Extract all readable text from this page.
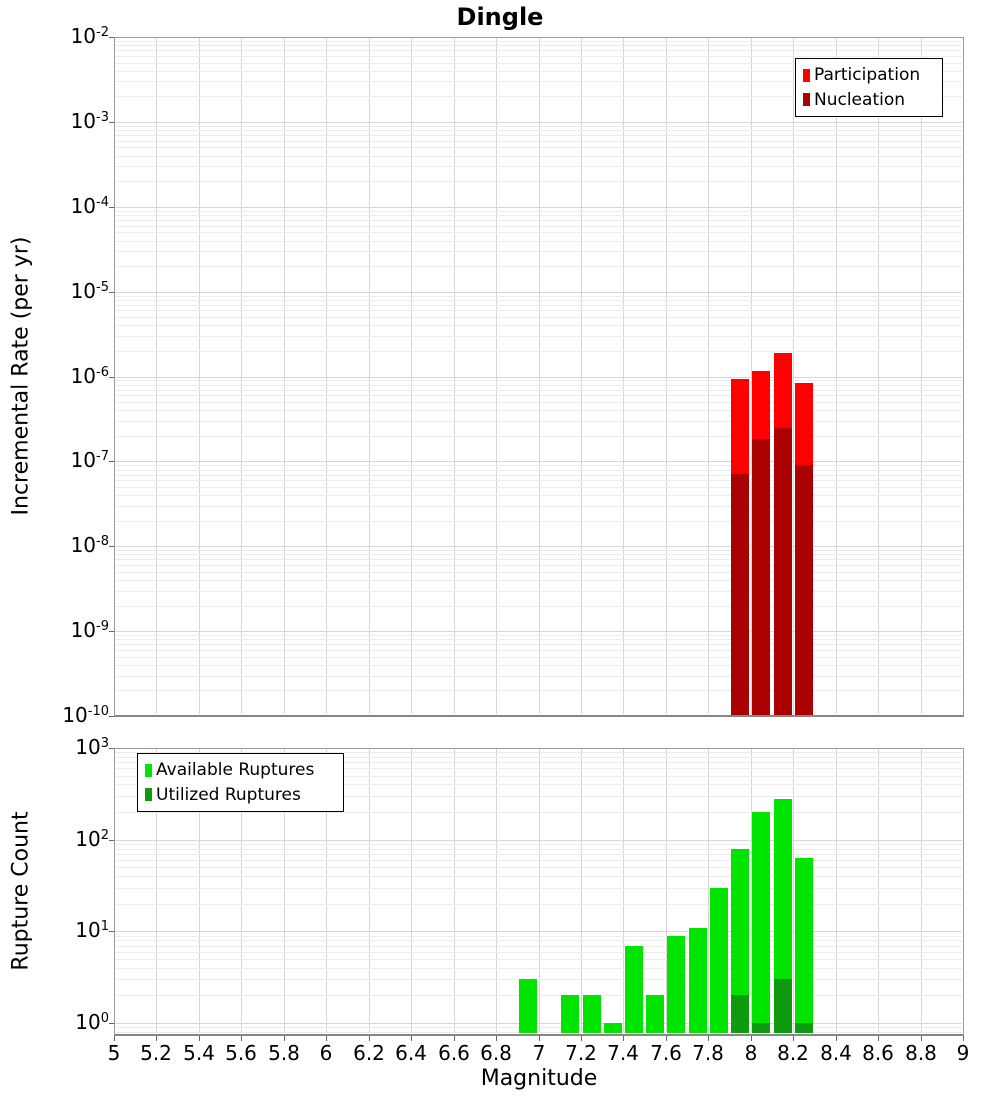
Dingle
Incremental Rate (per yr)
Rupture Count
Magnitude
Participation
Nucleation
Available Ruptures
Utilized Ruptures
$10^{-2}$
$10^{-3}$
$10^{-4}$
$10^{-5}$
$10^{-6}$
$10^{-7}$
$10^{-8}$
$10^{-9}$
$10^{-10}$
$10^3$
$10^2$
$10^1$
$10^0$
5 5.2 5.4 5.6 5.8 6	6.2 6.4 6.6 6.8	7 7.2 7.4 7.6 7.8	8 8.2 8.4 8.6 8.8 9
